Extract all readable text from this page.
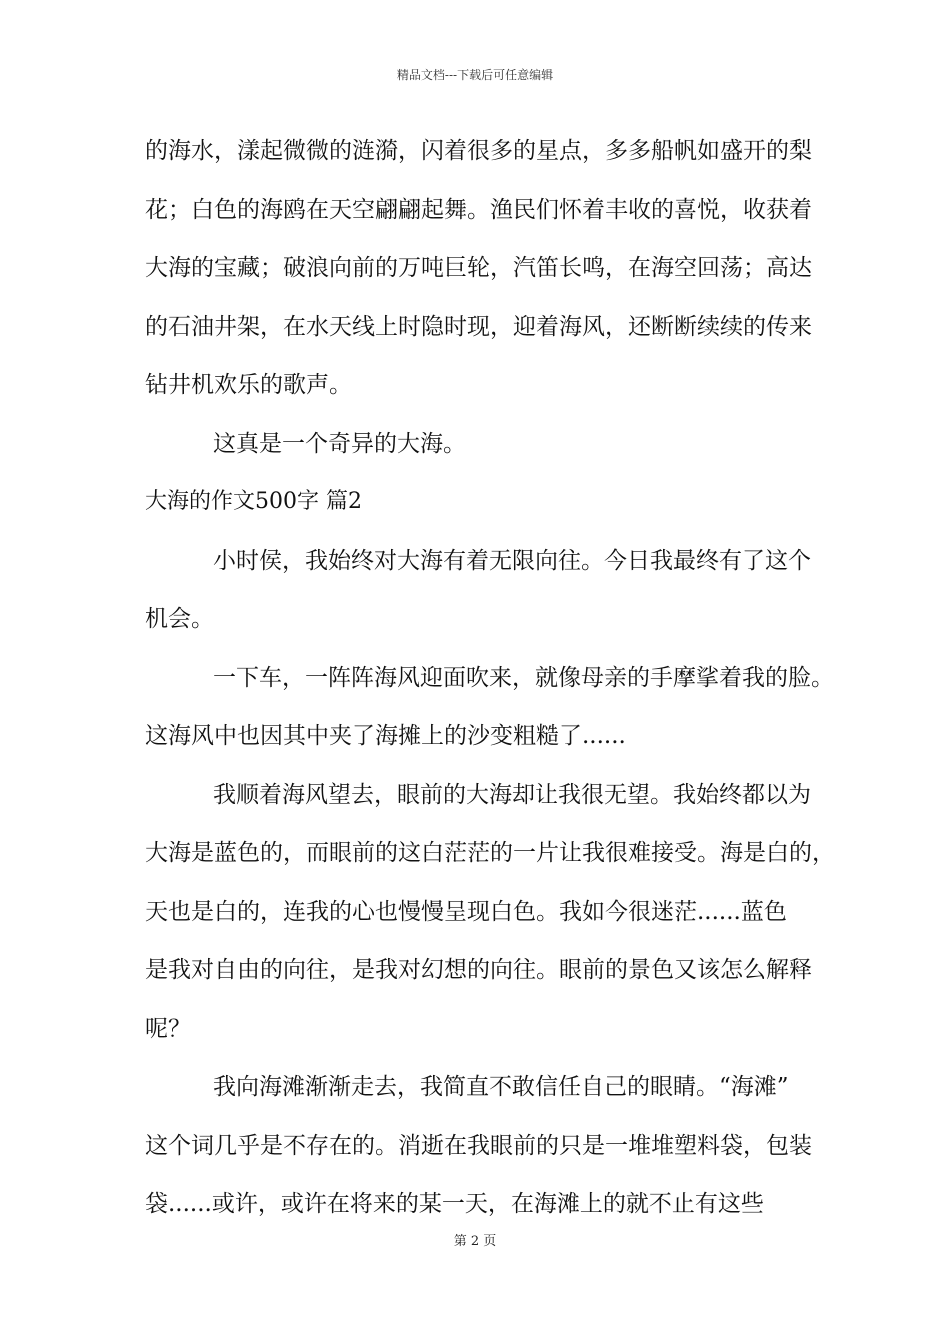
精品文档---下载后可任意编辑
的海水，漾起微微的涟漪，闪着很多的星点，多多船帆如盛开的梨
花；白色的海鸥在天空翩翩起舞。渔民们怀着丰收的喜悦，收获着
大海的宝藏；破浪向前的万吨巨轮，汽笛长鸣，在海空回荡；高达
的石油井架，在水天线上时隐时现，迎着海风，还断断续续的传来
钻井机欢乐的歌声。
这真是一个奇异的大海。
大海的作文500字 篇2
小时侯，我始终对大海有着无限向往。今日我最终有了这个
机会。
一下车，一阵阵海风迎面吹来，就像母亲的手摩挲着我的脸。
这海风中也因其中夹了海摊上的沙变粗糙了......
我顺着海风望去，眼前的大海却让我很无望。我始终都以为
大海是蓝色的，而眼前的这白茫茫的一片让我很难接受。海是白的，
天也是白的，连我的心也慢慢呈现白色。我如今很迷茫......蓝色
是我对自由的向往，是我对幻想的向往。眼前的景色又该怎么解释
呢？
我向海滩渐渐走去，我简直不敢信任自己的眼睛。“海滩”
这个词几乎是不存在的。消逝在我眼前的只是一堆堆塑料袋，包装
袋......或许，或许在将来的某一天，在海滩上的就不止有这些
第 2 页
